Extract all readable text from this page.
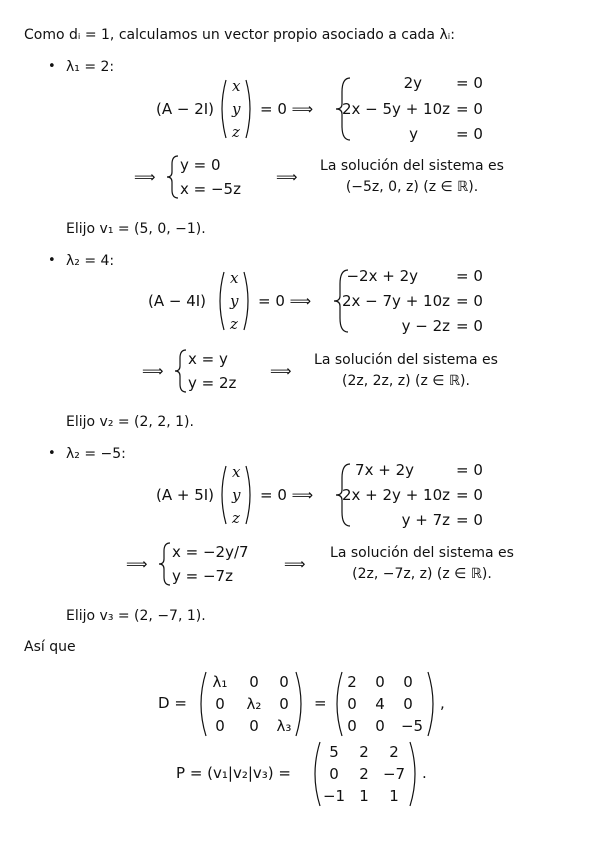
Como dᵢ = 1, calculamos un vector propio asociado a cada λᵢ:
• λ₁ = 2:
(A − 2I)
x
y
z
= 0 ⟹
2y
2x − 5y + 10z
y
= 0
= 0
= 0
⟹
y = 0
x = −5z
⟹
La solución del sistema es
(−5z, 0, z) (z ∈ ℝ).
Elijo v₁ = (5, 0, −1).
• λ₂ = 4:
(A − 4I)
x
y
z
= 0 ⟹
−2x + 2y
2x − 7y + 10z
y − 2z
= 0
= 0
= 0
⟹
x = y
y = 2z
⟹
La solución del sistema es
(2z, 2z, z) (z ∈ ℝ).
Elijo v₂ = (2, 2, 1).
• λ₂ = −5:
(A + 5I)
x
y
z
= 0 ⟹
7x + 2y
2x + 2y + 10z
y + 7z
= 0
= 0
= 0
⟹
x = −2y/7
y = −7z
⟹
La solución del sistema es
(2z, −7z, z) (z ∈ ℝ).
Elijo v₃ = (2, −7, 1).
Así que
D =
λ₁ 0 0
0 λ₂ 0
0 0 λ₃
=
2 0 0
0 4 0
0 0 −5
,
P = (v₁|v₂|v₃) =
5 2 2
0 2 −7
−1 1 1
.
